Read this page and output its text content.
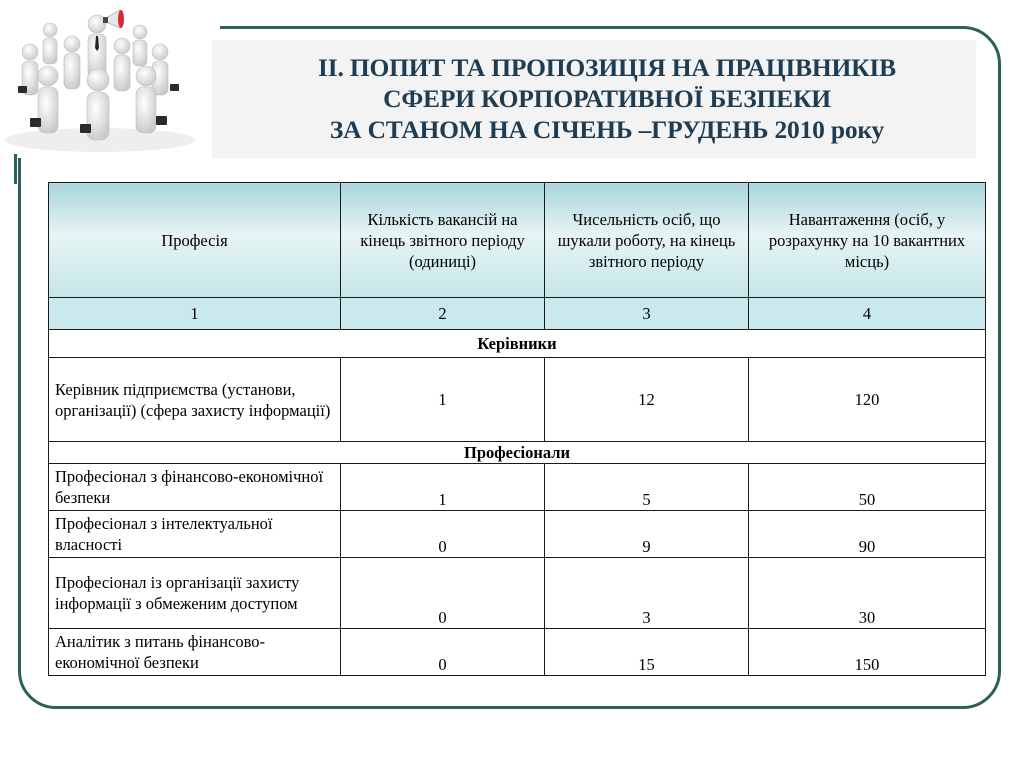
ІІ. ПОПИТ ТА ПРОПОЗИЦІЯ НА ПРАЦІВНИКІВ
СФЕРИ КОРПОРАТИВНОЇ БЕЗПЕКИ
ЗА СТАНОМ НА СІЧЕНЬ –ГРУДЕНЬ 2010 року
Професія	Кількість вакансій на кінець звітного періоду (одиниці)	Чисельність осіб, що шукали роботу, на кінець звітного періоду	Навантаження (осіб, у розрахунку на 10 вакантних місць)
1	2	3	4
Керівники			
Керівник підприємства (установи, організації) (сфера захисту інформації)	1	12	120
Професіонали			
Професіонал з фінансово-економічної безпеки	1	5	50
Професіонал з інтелектуальної власності	0	9	90
Професіонал із організації захисту інформації з обмеженим доступом	0	3	30
Аналітик з питань фінансово-економічної безпеки	0	15	150
